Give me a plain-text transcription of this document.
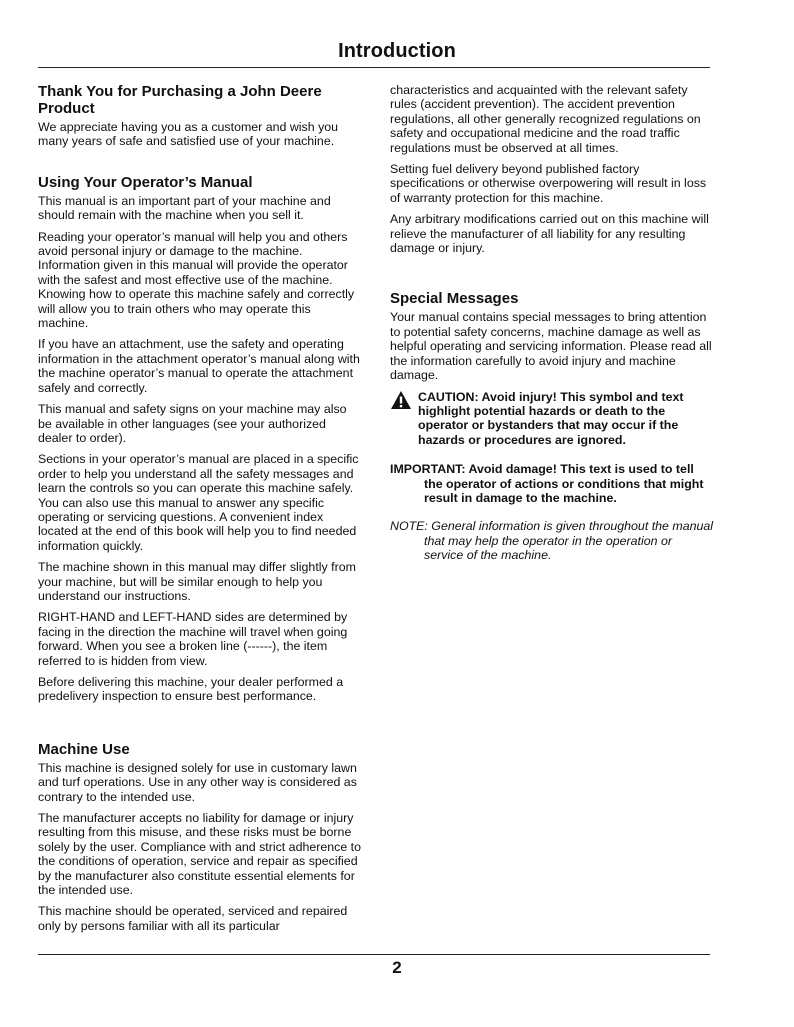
Introduction
Thank You for Purchasing a John Deere Product

We appreciate having you as a customer and wish you many years of safe and satisfied use of your machine.

Using Your Operator’s Manual

This manual is an important part of your machine and should remain with the machine when you sell it.

Reading your operator’s manual will help you and others avoid personal injury or damage to the machine. Information given in this manual will provide the operator with the safest and most effective use of the machine. Knowing how to operate this machine safely and correctly will allow you to train others who may operate this machine.

If you have an attachment, use the safety and operating information in the attachment operator’s manual along with the machine operator’s manual to operate the attachment safely and correctly.

This manual and safety signs on your machine may also be available in other languages (see your authorized dealer to order).

Sections in your operator’s manual are placed in a specific order to help you understand all the safety messages and learn the controls so you can operate this machine safely. You can also use this manual to answer any specific operating or servicing questions. A convenient index located at the end of this book will help you to find needed information quickly.

The machine shown in this manual may differ slightly from your machine, but will be similar enough to help you understand our instructions.

RIGHT-HAND and LEFT-HAND sides are determined by facing in the direction the machine will travel when going forward. When you see a broken line (------), the item referred to is hidden from view.

Before delivering this machine, your dealer performed a predelivery inspection to ensure best performance.

Machine Use

This machine is designed solely for use in customary lawn and turf operations. Use in any other way is considered as contrary to the intended use.

The manufacturer accepts no liability for damage or injury resulting from this misuse, and these risks must be borne solely by the user. Compliance with and strict adherence to the conditions of operation, service and repair as specified by the manufacturer also constitute essential elements for the intended use.

This machine should be operated, serviced and repaired only by persons familiar with all its particular

characteristics and acquainted with the relevant safety rules (accident prevention). The accident prevention regulations, all other generally recognized regulations on safety and occupational medicine and the road traffic regulations must be observed at all times.

Setting fuel delivery beyond published factory specifications or otherwise overpowering will result in loss of warranty protection for this machine.

Any arbitrary modifications carried out on this machine will relieve the manufacturer of all liability for any resulting damage or injury.

Special Messages

Your manual contains special messages to bring attention to potential safety concerns, machine damage as well as helpful operating and servicing information. Please read all the information carefully to avoid injury and machine damage.

CAUTION: Avoid injury! This symbol and text highlight potential hazards or death to the operator or bystanders that may occur if the hazards or procedures are ignored.
IMPORTANT: Avoid damage! This text is used to tell the operator of actions or conditions that might result in damage to the machine.
NOTE: General information is given throughout the manual that may help the operator in the operation or service of the machine.
2
